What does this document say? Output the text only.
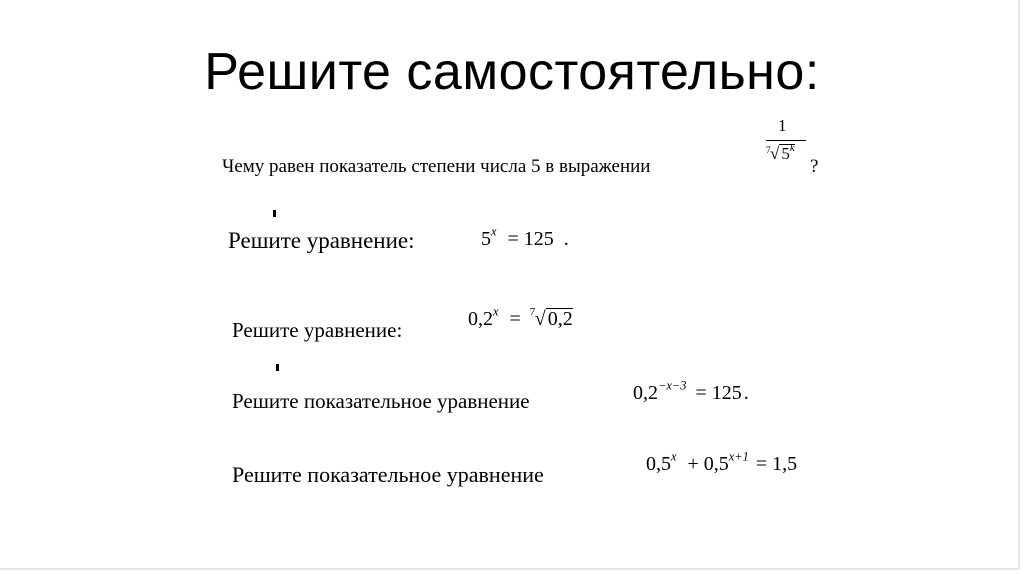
Решите самостоятельно:
Чему равен показатель степени числа 5 в выражении
1
7 √ 5$^k$
?
Решите уравнение:	$5^x = 125$ .
Решите уравнение:	$0,2^x = 7$ √ 0,2
Решите показательное уравнение	$0,2^{-x-3} = 125$ .
Решите показательное уравнение	$0,5^x + 0,5^{x+1} = 1,5$
